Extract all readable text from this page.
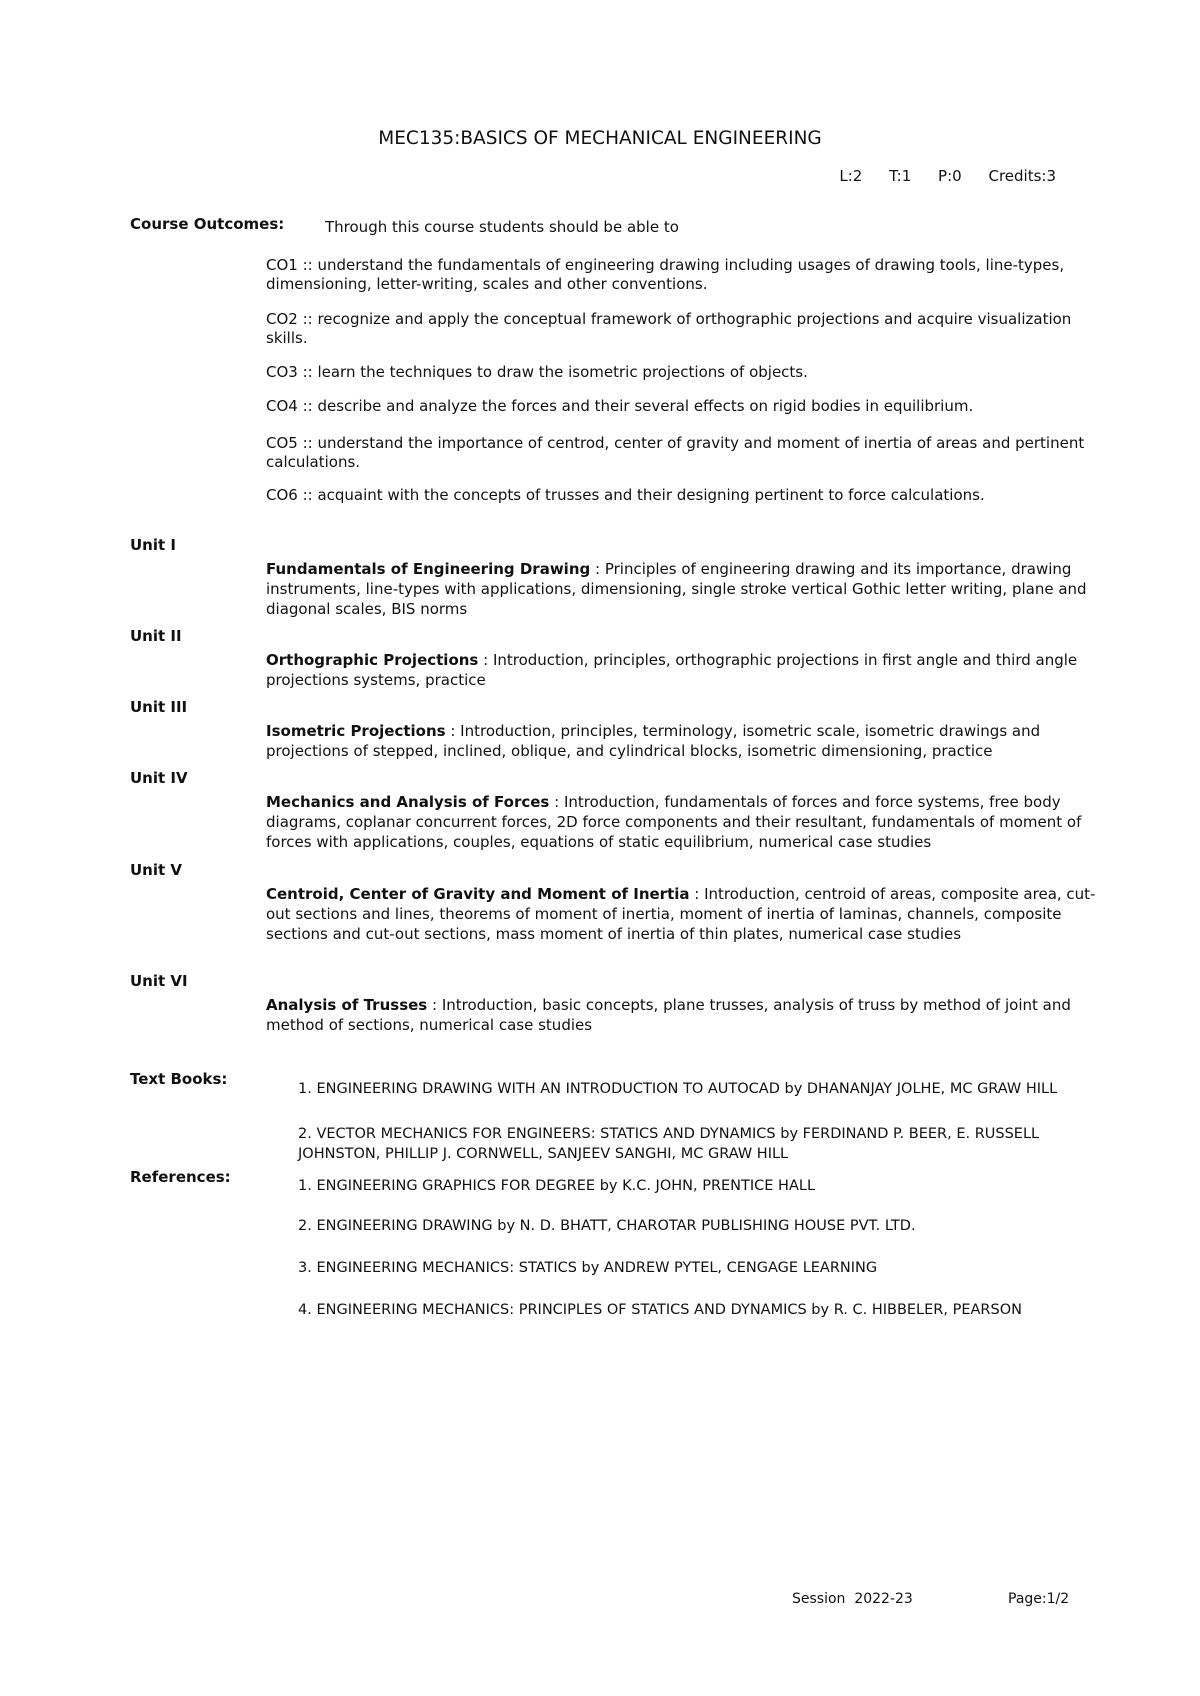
MEC135:BASICS OF MECHANICAL ENGINEERING
L:2 T:1 P:0 Credits:3
Course Outcomes:	Through this course students should be able to
CO1 :: understand the fundamentals of engineering drawing including usages of drawing tools, line-types, dimensioning, letter-writing, scales and other conventions.
CO2 :: recognize and apply the conceptual framework of orthographic projections and acquire visualization skills.
CO3 :: learn the techniques to draw the isometric projections of objects.
CO4 :: describe and analyze the forces and their several effects on rigid bodies in equilibrium.
CO5 :: understand the importance of centrod, center of gravity and moment of inertia of areas and pertinent calculations.
CO6 :: acquaint with the concepts of trusses and their designing pertinent to force calculations.
Unit I
Fundamentals of Engineering Drawing : Principles of engineering drawing and its importance, drawing instruments, line-types with applications, dimensioning, single stroke vertical Gothic letter writing, plane and diagonal scales, BIS norms
Unit II
Orthographic Projections : Introduction, principles, orthographic projections in first angle and third angle projections systems, practice
Unit III
Isometric Projections : Introduction, principles, terminology, isometric scale, isometric drawings and projections of stepped, inclined, oblique, and cylindrical blocks, isometric dimensioning, practice
Unit IV
Mechanics and Analysis of Forces : Introduction, fundamentals of forces and force systems, free body diagrams, coplanar concurrent forces, 2D force components and their resultant, fundamentals of moment of forces with applications, couples, equations of static equilibrium, numerical case studies
Unit V
Centroid, Center of Gravity and Moment of Inertia : Introduction, centroid of areas, composite area, cut-out sections and lines, theorems of moment of inertia, moment of inertia of laminas, channels, composite sections and cut-out sections, mass moment of inertia of thin plates, numerical case studies
Unit VI
Analysis of Trusses : Introduction, basic concepts, plane trusses, analysis of truss by method of joint and method of sections, numerical case studies
Text Books:
1. ENGINEERING DRAWING WITH AN INTRODUCTION TO AUTOCAD by DHANANJAY JOLHE, MC GRAW HILL
2. VECTOR MECHANICS FOR ENGINEERS: STATICS AND DYNAMICS by FERDINAND P. BEER, E. RUSSELL JOHNSTON, PHILLIP J. CORNWELL, SANJEEV SANGHI, MC GRAW HILL
References:	1. ENGINEERING GRAPHICS FOR DEGREE by K.C. JOHN, PRENTICE HALL
2. ENGINEERING DRAWING by N. D. BHATT, CHAROTAR PUBLISHING HOUSE PVT. LTD.
3. ENGINEERING MECHANICS: STATICS by ANDREW PYTEL, CENGAGE LEARNING
4. ENGINEERING MECHANICS: PRINCIPLES OF STATICS AND DYNAMICS by R. C. HIBBELER, PEARSON
Session  2022-23	Page:1/2
